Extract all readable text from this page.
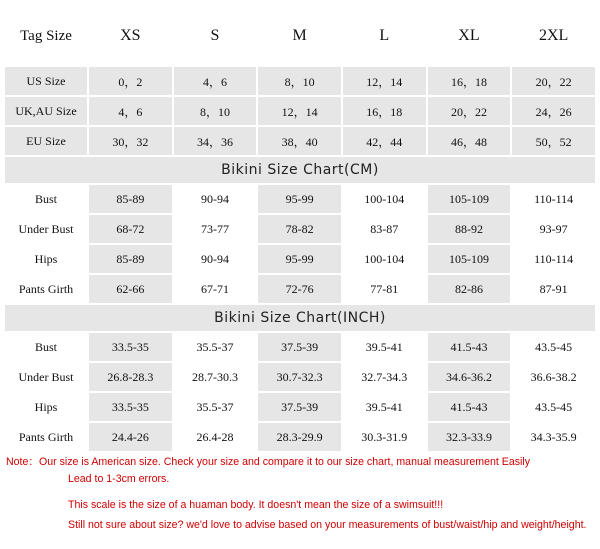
Tag Size	XS	S	M	L	XL	2XL
US Size	0，2	4，6	8，10	12，14	16，18	20，22
UK,AU Size	4，6	8，10	12，14	16，18	20，22	24，26
EU Size	30，32	34，36	38，40	42，44	46，48	50，52
Bikini Size Chart(CM)						
Bust	85-89	90-94	95-99	100-104	105-109	110-114
Under Bust	68-72	73-77	78-82	83-87	88-92	93-97
Hips	85-89	90-94	95-99	100-104	105-109	110-114
Pants Girth	62-66	67-71	72-76	77-81	82-86	87-91
Bikini Size Chart(INCH)						
Bust	33.5-35	35.5-37	37.5-39	39.5-41	41.5-43	43.5-45
Under Bust	26.8-28.3	28.7-30.3	30.7-32.3	32.7-34.3	34.6-36.2	36.6-38.2
Hips	33.5-35	35.5-37	37.5-39	39.5-41	41.5-43	43.5-45
Pants Girth	24.4-26	26.4-28	28.3-29.9	30.3-31.9	32.3-33.9	34.3-35.9
Note：Our size is American size. Check your size and compare it to our size chart, manual measurement Easily
Lead to 1-3cm errors.
This scale is the size of a huaman body. It doesn't mean the size of a swimsuit!!!
Still not sure about size? we'd love to advise based on your measurements of bust/waist/hip and weight/height.
